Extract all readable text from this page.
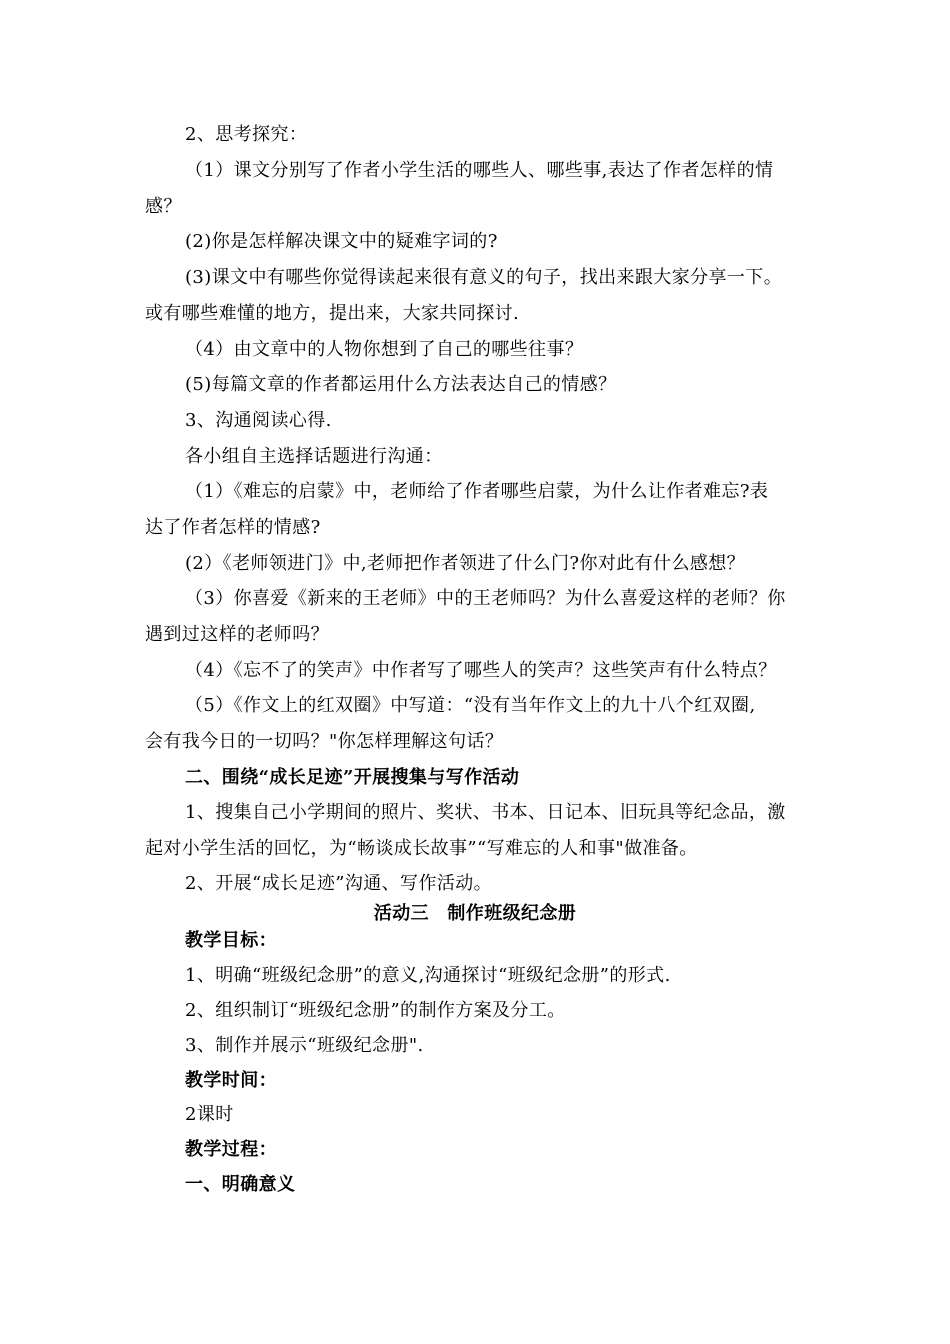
2、思考探究：
（1）课文分别写了作者小学生活的哪些人、哪些事,表达了作者怎样的情
感？
(2)你是怎样解决课文中的疑难字词的?
(3)课文中有哪些你觉得读起来很有意义的句子，找出来跟大家分享一下。
或有哪些难懂的地方，提出来，大家共同探讨.
（4）由文章中的人物你想到了自己的哪些往事？
(5)每篇文章的作者都运用什么方法表达自己的情感？
3、沟通阅读心得.
各小组自主选择话题进行沟通：
（1）《难忘的启蒙》中，老师给了作者哪些启蒙，为什么让作者难忘?表
达了作者怎样的情感?
(2）《老师领进门》中,老师把作者领进了什么门?你对此有什么感想？
（3）你喜爱《新来的王老师》中的王老师吗？为什么喜爱这样的老师？你
遇到过这样的老师吗？
（4）《忘不了的笑声》中作者写了哪些人的笑声？这些笑声有什么特点？
（5）《作文上的红双圈》中写道：“没有当年作文上的九十八个红双圈,
会有我今日的一切吗？"你怎样理解这句话？
二、围绕“成长足迹”开展搜集与写作活动
1、搜集自己小学期间的照片、奖状、书本、日记本、旧玩具等纪念品，激
起对小学生活的回忆，为“畅谈成长故事”“写难忘的人和事"做准备。
2、开展“成长足迹”沟通、写作活动。
活动三　制作班级纪念册
教学目标：
1、明确“班级纪念册”的意义,沟通探讨“班级纪念册”的形式.
2、组织制订“班级纪念册”的制作方案及分工。
3、制作并展示“班级纪念册".
教学时间：
2课时
教学过程：
一、明确意义
